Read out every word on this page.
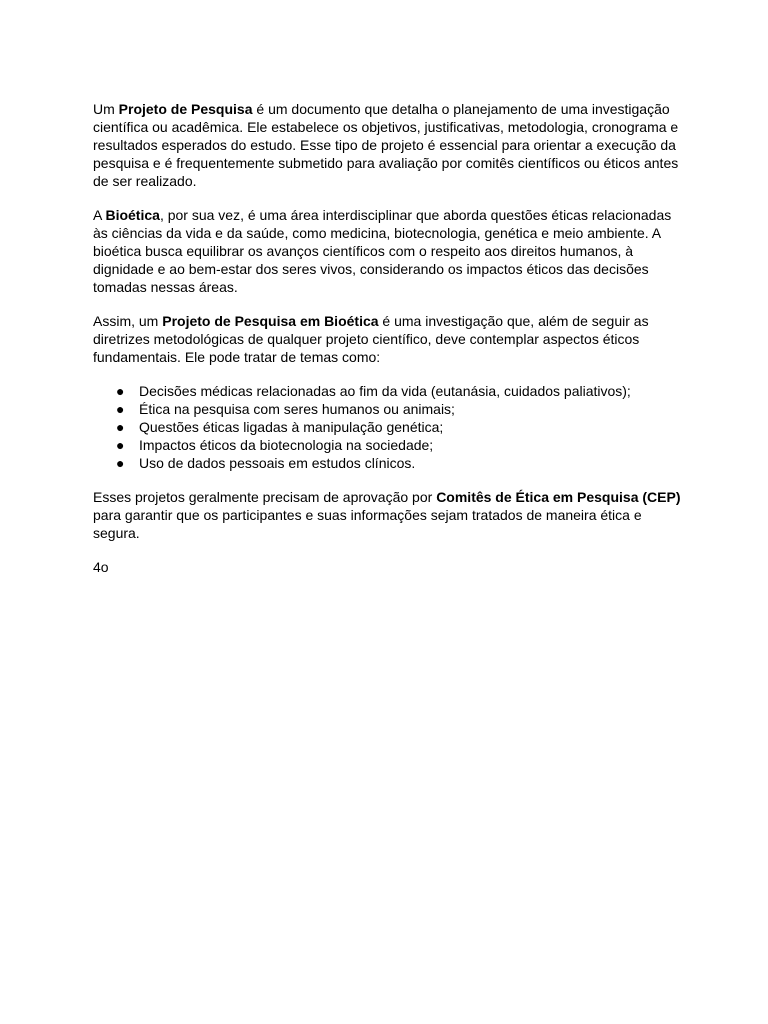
Um Projeto de Pesquisa é um documento que detalha o planejamento de uma investigação científica ou acadêmica. Ele estabelece os objetivos, justificativas, metodologia, cronograma e resultados esperados do estudo. Esse tipo de projeto é essencial para orientar a execução da pesquisa e é frequentemente submetido para avaliação por comitês científicos ou éticos antes de ser realizado.

A Bioética, por sua vez, é uma área interdisciplinar que aborda questões éticas relacionadas às ciências da vida e da saúde, como medicina, biotecnologia, genética e meio ambiente. A bioética busca equilibrar os avanços científicos com o respeito aos direitos humanos, à dignidade e ao bem-estar dos seres vivos, considerando os impactos éticos das decisões tomadas nessas áreas.

Assim, um Projeto de Pesquisa em Bioética é uma investigação que, além de seguir as diretrizes metodológicas de qualquer projeto científico, deve contemplar aspectos éticos fundamentais. Ele pode tratar de temas como:

● Decisões médicas relacionadas ao fim da vida (eutanásia, cuidados paliativos);
● Ética na pesquisa com seres humanos ou animais;
● Questões éticas ligadas à manipulação genética;
● Impactos éticos da biotecnologia na sociedade;
● Uso de dados pessoais em estudos clínicos.

Esses projetos geralmente precisam de aprovação por Comitês de Ética em Pesquisa (CEP) para garantir que os participantes e suas informações sejam tratados de maneira ética e segura.

4o
